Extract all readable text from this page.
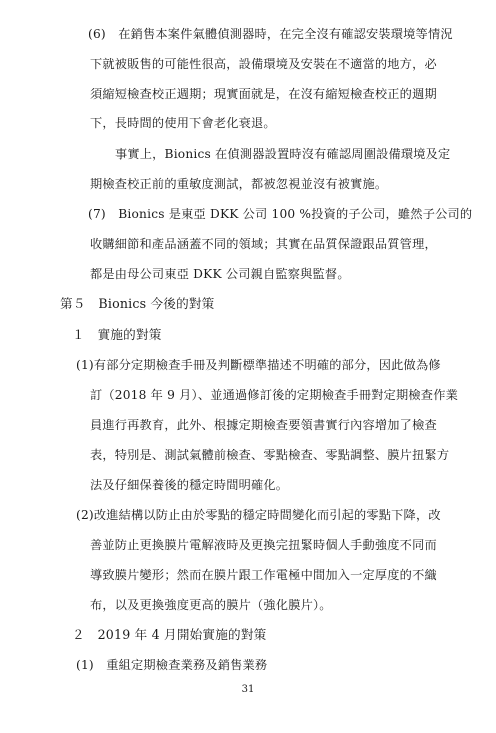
(6)　在銷售本案件氣體偵測器時，在完全沒有確認安裝環境等情況
下就被販售的可能性很高，設備環境及安裝在不適當的地方，必
須縮短檢查校正週期；現實面就是，在沒有縮短檢查校正的週期
下，長時間的使用下會老化衰退。
事實上，Bionics 在偵測器設置時沒有確認周圍設備環境及定
期檢查校正前的重敏度測試，都被忽視並沒有被實施。
(7)　Bionics 是東亞 DKK 公司 100 %投資的子公司，雖然子公司的
收購細節和產品涵蓋不同的領域；其實在品質保證跟品質管理，
都是由母公司東亞 DKK 公司親自監察與監督。
第５　Bionics 今後的對策
１　實施的對策
(1)有部分定期檢查手冊及判斷標準描述不明確的部分，因此做為修
訂（2018 年 9 月）、並通過修訂後的定期檢查手冊對定期檢查作業
員進行再教育，此外、根據定期檢查要領書實行內容增加了檢查
表，特別是、測試氣體前檢查、零點檢查、零點調整、膜片扭緊方
法及仔細保養後的穩定時間明確化。
(2)改進結構以防止由於零點的穩定時間變化而引起的零點下降，改
善並防止更換膜片電解液時及更換完扭緊時個人手動強度不同而
導致膜片變形；然而在膜片跟工作電極中間加入一定厚度的不織
布，以及更換強度更高的膜片（強化膜片）。
２　2019 年 4 月開始實施的對策
(1)　重組定期檢查業務及銷售業務
31
